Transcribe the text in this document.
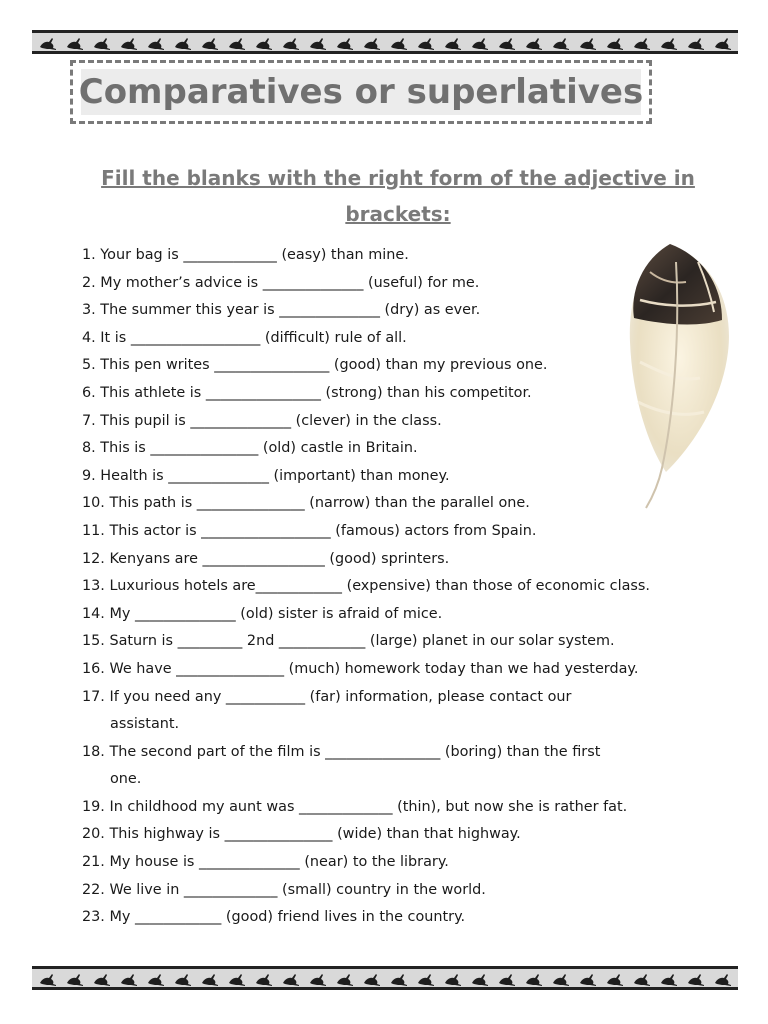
Comparatives or superlatives
Fill the blanks with the right form of the adjective in brackets:
1. Your bag is _____________ (easy) than mine.
2. My mother’s advice is ______________ (useful) for me.
3. The summer this year is ______________ (dry) as ever.
4. It is __________________ (difficult) rule of all.
5. This pen writes ________________ (good) than my previous one.
6. This athlete is ________________ (strong) than his competitor.
7. This pupil is ______________ (clever) in the class.
8. This is _______________ (old) castle in Britain.
9. Health is ______________ (important) than money.
10. This path is _______________ (narrow) than the parallel one.
11. This actor is __________________ (famous) actors from Spain.
12. Kenyans are _________________ (good) sprinters.
13. Luxurious hotels are____________ (expensive) than those of economic class.
14. My ______________ (old) sister is afraid of mice.
15. Saturn is _________ 2nd ____________ (large) planet in our solar system.
16. We have _______________ (much) homework today than we had yesterday.
17. If you need any ___________ (far) information, please contact our
assistant.
18. The second part of the film is ________________ (boring) than the first
one.
19. In childhood my aunt was _____________ (thin), but now she is rather fat.
20. This highway is _______________ (wide) than that highway.
21. My house is ______________ (near) to the library.
22. We live in _____________ (small) country in the world.
23. My ____________ (good) friend lives in the country.
